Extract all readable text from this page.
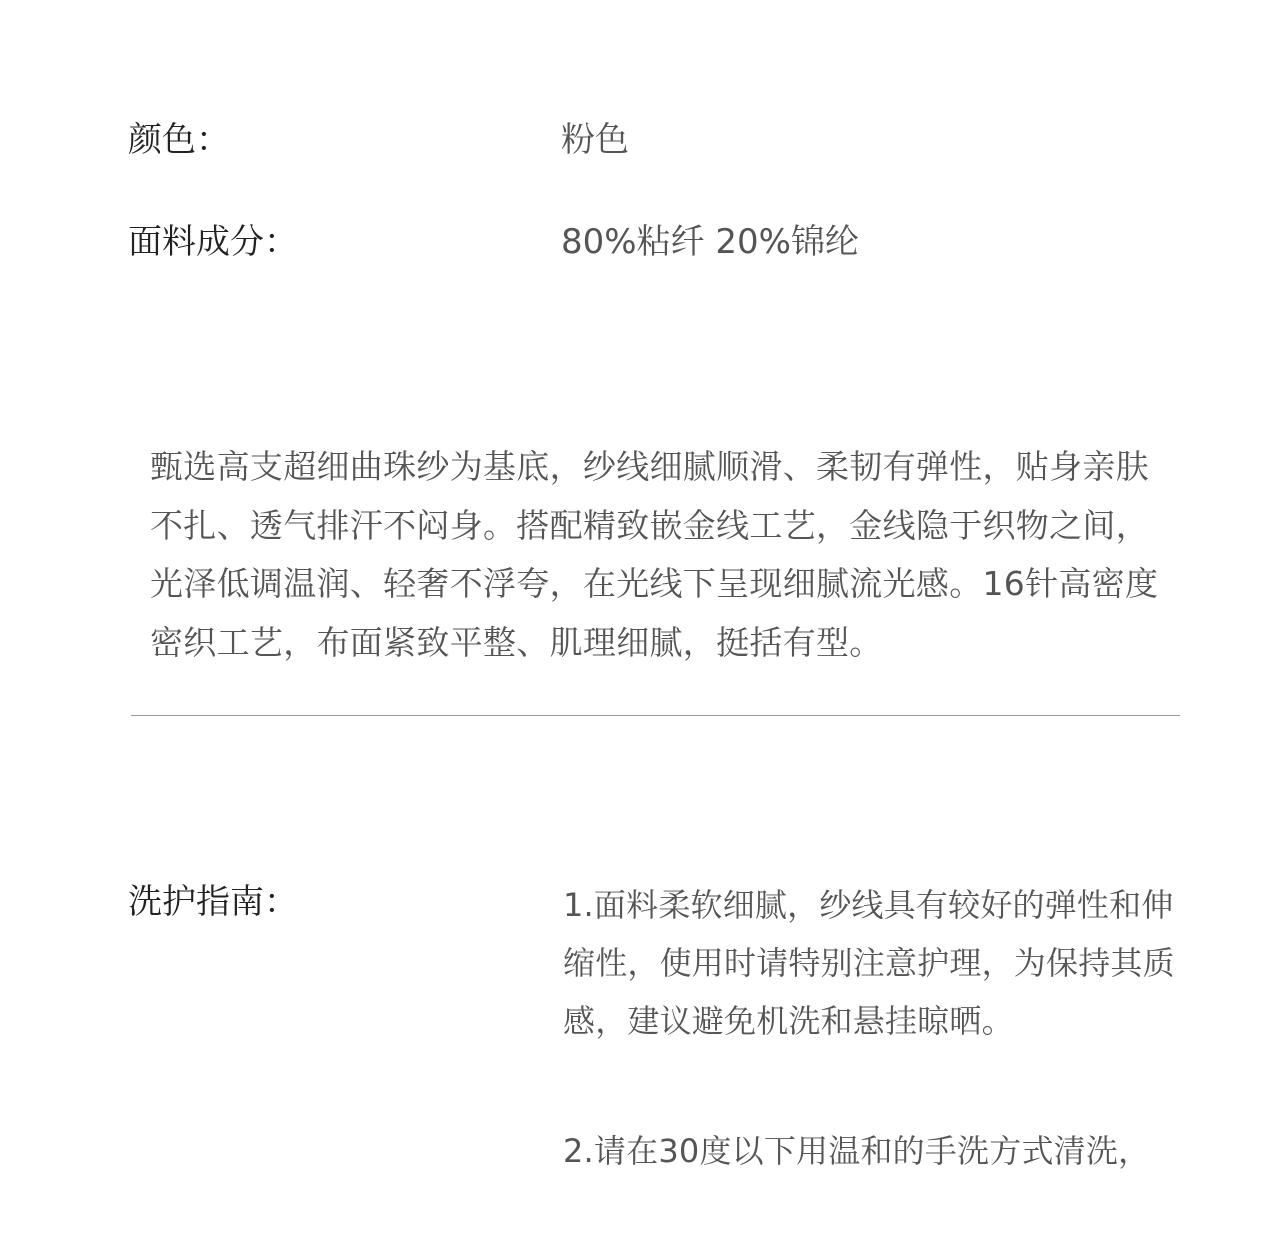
颜色：	粉色
面料成分：	80%粘纤 20%锦纶

甄选高支超细曲珠纱为基底，纱线细腻顺滑、柔韧有弹性，贴身亲肤不扎、透气排汗不闷身。搭配精致嵌金线工艺，金线隐于织物之间，光泽低调温润、轻奢不浮夸，在光线下呈现细腻流光感。16针高密度密织工艺，布面紧致平整、肌理细腻，挺括有型。

洗护指南：	1.面料柔软细腻，纱线具有较好的弹性和伸缩性，使用时请特别注意护理，为保持其质感，建议避免机洗和悬挂晾晒。
2.请在30度以下用温和的手洗方式清洗，
